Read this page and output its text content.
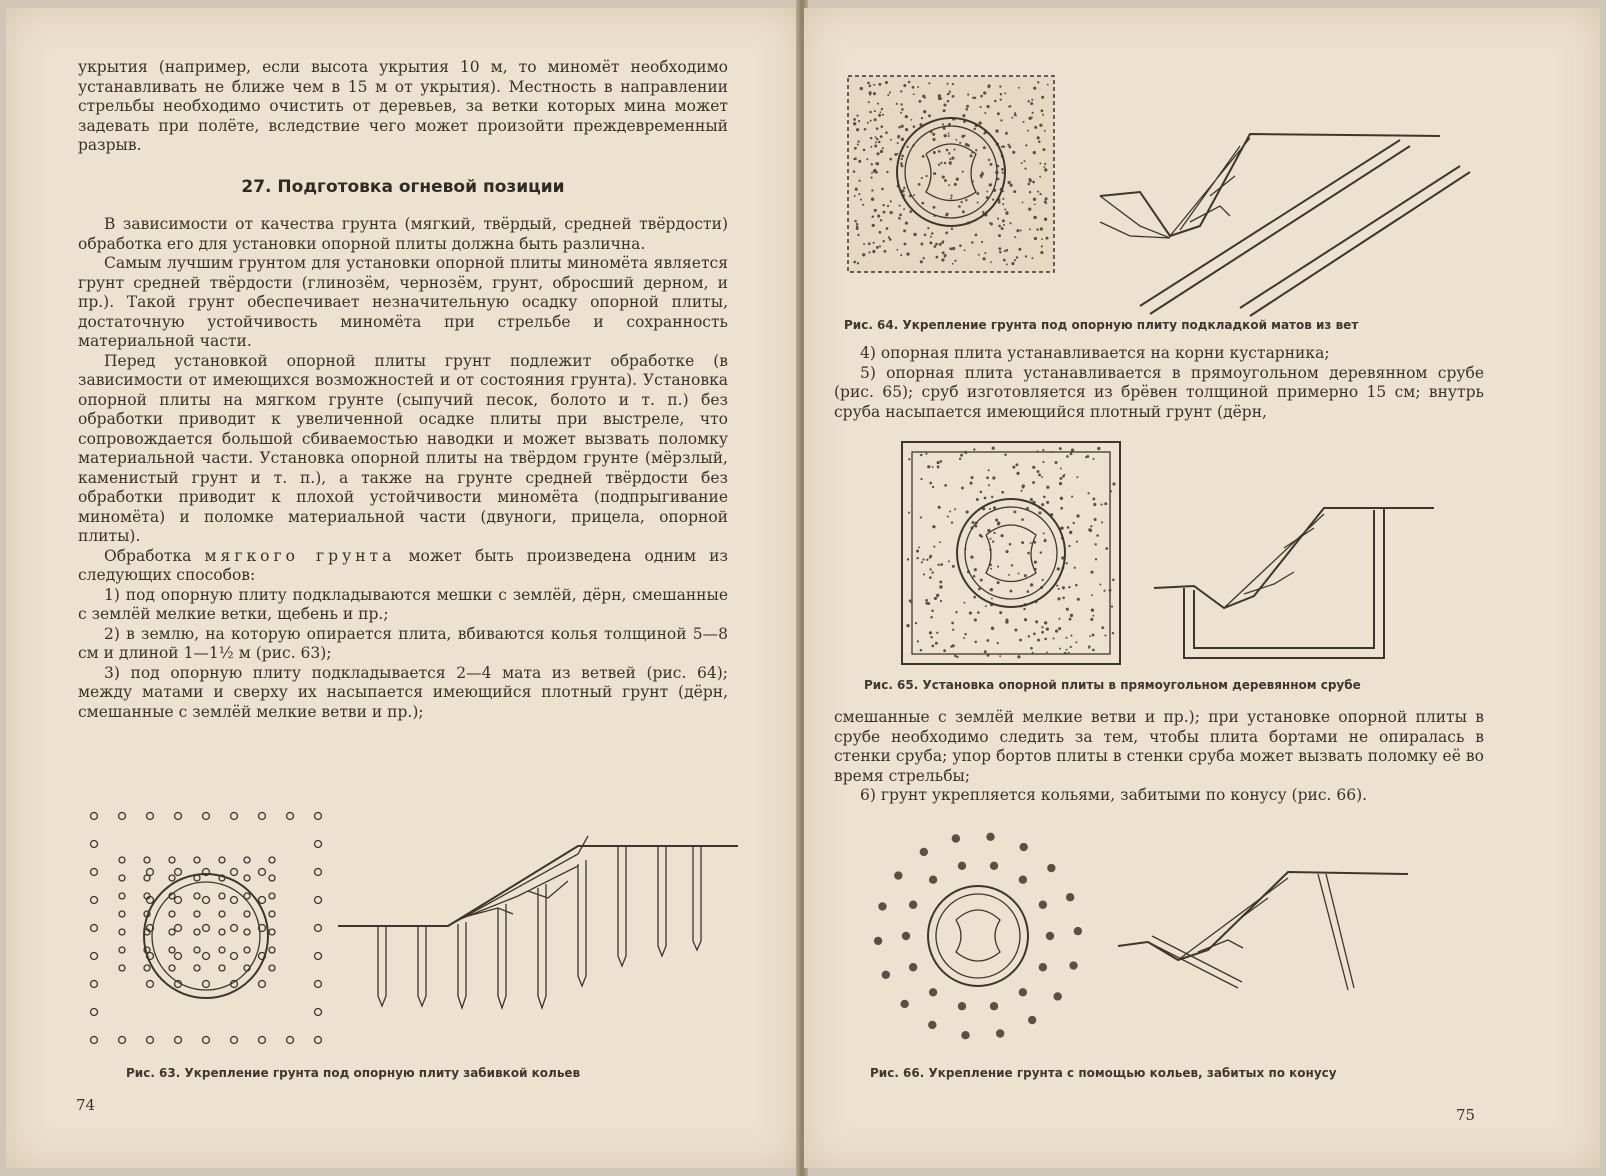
укрытия (например, если высота укрытия 10 м, то миномёт необходимо устанавливать не ближе чем в 15 м от укрытия). Местность в направлении стрельбы необходимо очистить от деревьев, за ветки которых мина может задевать при полёте, вследствие чего может произойти преждевременный разрыв.

27. Подготовка огневой позиции

В зависимости от качества грунта (мягкий, твёрдый, средней твёрдости) обработка его для установки опорной плиты должна быть различна.

Самым лучшим грунтом для установки опорной плиты миномёта является грунт средней твёрдости (глинозём, чернозём, грунт, обросший дерном, и пр.). Такой грунт обеспечивает незначительную осадку опорной плиты, достаточную устойчивость миномёта при стрельбе и сохранность материальной части.

Перед установкой опорной плиты грунт подлежит обработке (в зависимости от имеющихся возможностей и от состояния грунта). Установка опорной плиты на мягком грунте (сыпучий песок, болото и т. п.) без обработки приводит к увеличенной осадке плиты при выстреле, что сопровождается большой сбиваемостью наводки и может вызвать поломку материальной части. Установка опорной плиты на твёрдом грунте (мёрзлый, каменистый грунт и т. п.), а также на грунте средней твёрдости без обработки приводит к плохой устойчивости миномёта (подпрыгивание миномёта) и поломке материальной части (двуноги, прицела, опорной плиты).

Обработка мягкого грунта может быть произведена одним из следующих способов:

1) под опорную плиту подкладываются мешки с землёй, дёрн, смешанные с землёй мелкие ветки, щебень и пр.;

2) в землю, на которую опирается плита, вбиваются колья толщиной 5—8 см и длиной 1—1½ м (рис. 63);

3) под опорную плиту подкладывается 2—4 мата из ветвей (рис. 64); между матами и сверху их насыпается имеющийся плотный грунт (дёрн, смешанные с землёй мелкие ветви и пр.);

Рис. 63. Укрепление грунта под опорную плиту забивкой кольев
74
Рис. 64. Укрепление грунта под опорную плиту подкладкой матов из вет

4) опорная плита устанавливается на корни кустарника;

5) опорная плита устанавливается в прямоугольном деревянном срубе (рис. 65); сруб изготовляется из брёвен толщиной примерно 15 см; внутрь сруба насыпается имеющийся плотный грунт (дёрн,

Рис. 65. Установка опорной плиты в прямоугольном деревянном срубе

смешанные с землёй мелкие ветви и пр.); при установке опорной плиты в срубе необходимо следить за тем, чтобы плита бортами не опиралась в стенки сруба; упор бортов плиты в стенки сруба может вызвать поломку её во время стрельбы;

6) грунт укрепляется кольями, забитыми по конусу (рис. 66).

Рис. 66. Укрепление грунта с помощью кольев, забитых по конусу
75
